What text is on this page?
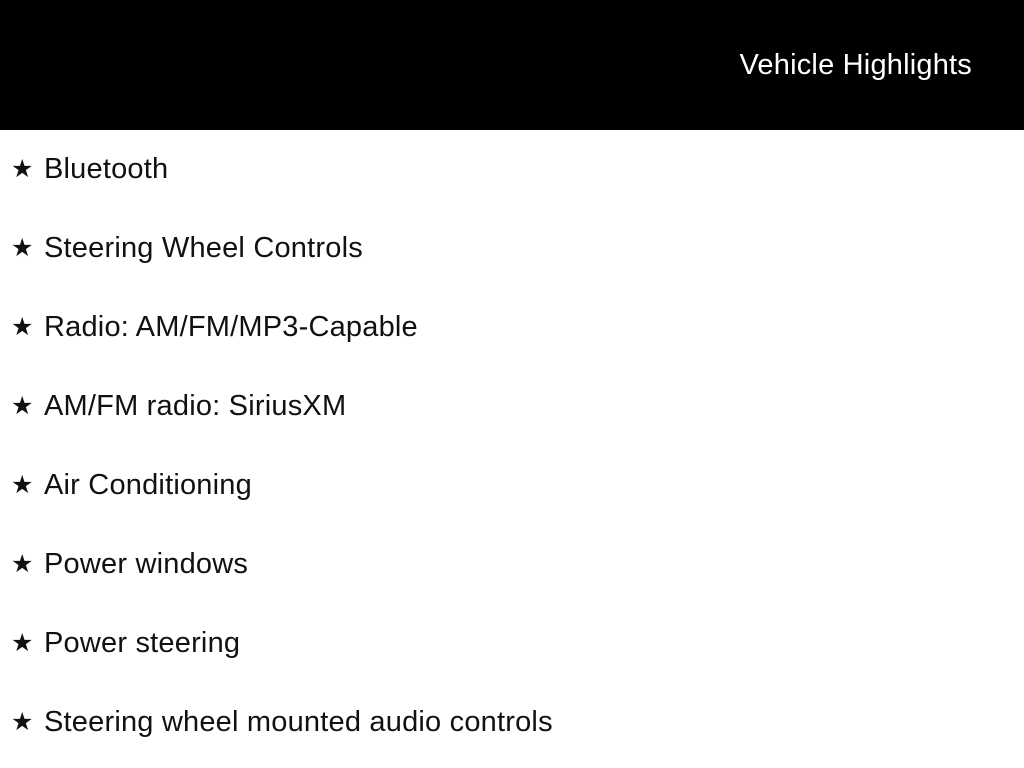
Vehicle Highlights
★ Bluetooth
★ Steering Wheel Controls
★ Radio: AM/FM/MP3-Capable
★ AM/FM radio: SiriusXM
★ Air Conditioning
★ Power windows
★ Power steering
★ Steering wheel mounted audio controls
